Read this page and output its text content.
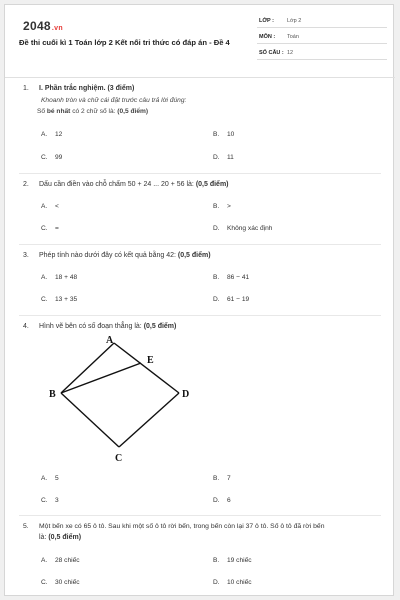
2048.vn
Đề thi cuối kì 1 Toán lớp 2 Kết nối tri thức có đáp án - Đề 4
LỚP : Lớp 2
MÔN : Toán
SỐ CÂU : 12
1. I. Phần trắc nghiệm. (3 điểm)
Khoanh tròn và chữ cái đặt trước câu trả lời đúng:
Số bé nhất có 2 chữ số là: (0,5 điểm)
A. 12	B. 10
C. 99	D. 11
2. Dấu cần điền vào chỗ chấm 50 + 24 ... 20 + 56 là: (0,5 điểm)
A. <	B. >
C. =	D. Không xác định
3. Phép tính nào dưới đây có kết quả bằng 42: (0,5 điểm)
A. 18 + 48	B. 86 − 41
C. 13 + 35	D. 61 − 19
4. Hình vẽ bên có số đoạn thẳng là: (0,5 điểm)
A
B
C
D
E
A. 5	B. 7
C. 3	D. 6
5. Một bến xe có 65 ô tô. Sau khi một số ô tô rời bến, trong bến còn lại 37 ô tô. Số ô tô đã rời bến
là: (0,5 điểm)
A. 28 chiếc	B. 19 chiếc
C. 30 chiếc	D. 10 chiếc
